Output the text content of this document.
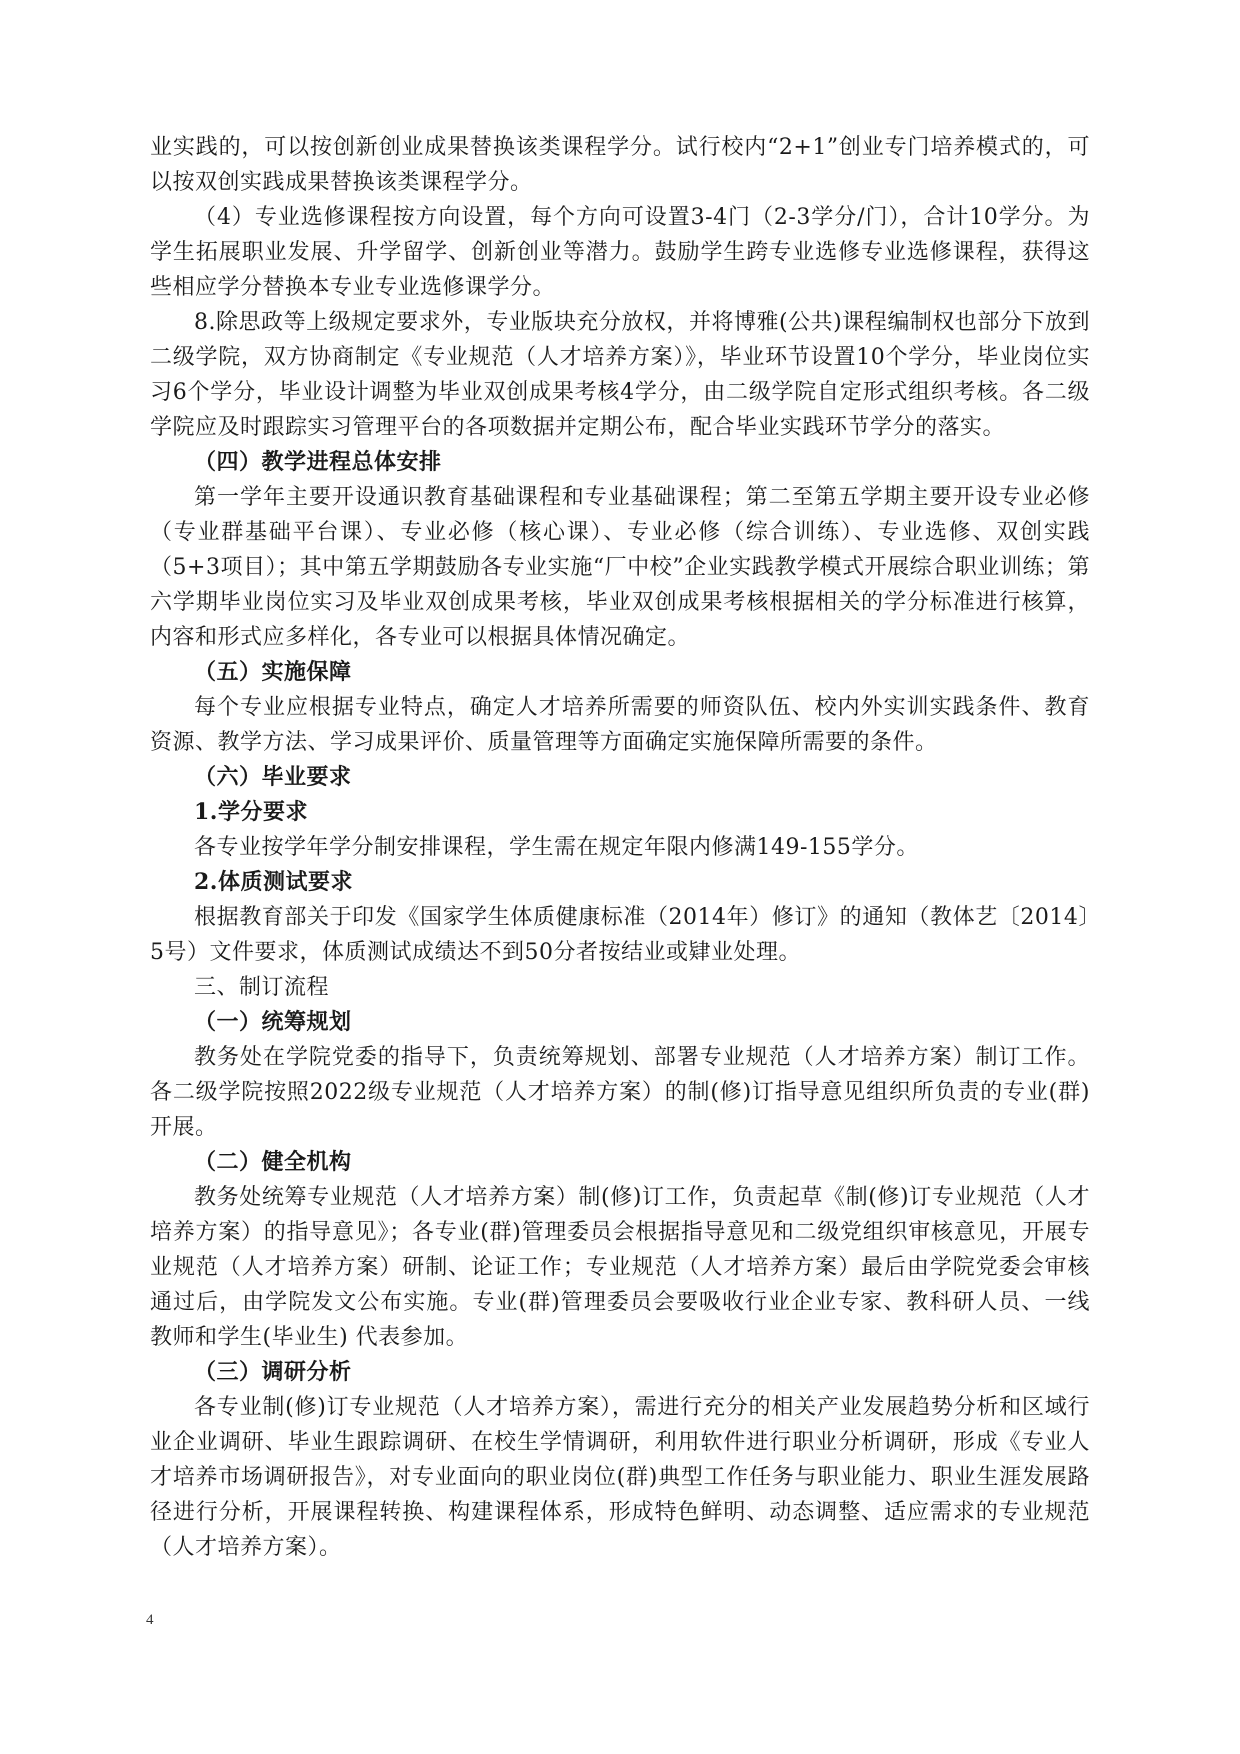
业实践的，可以按创新创业成果替换该类课程学分。试行校内“2+1”创业专门培养模式的，可以按双创实践成果替换该类课程学分。

（4）专业选修课程按方向设置，每个方向可设置3-4门（2-3学分/门），合计10学分。为学生拓展职业发展、升学留学、创新创业等潜力。鼓励学生跨专业选修专业选修课程，获得这些相应学分替换本专业专业选修课学分。

8.除思政等上级规定要求外，专业版块充分放权，并将博雅(公共)课程编制权也部分下放到二级学院，双方协商制定《专业规范（人才培养方案）》，毕业环节设置10个学分，毕业岗位实习6个学分，毕业设计调整为毕业双创成果考核4学分，由二级学院自定形式组织考核。各二级学院应及时跟踪实习管理平台的各项数据并定期公布，配合毕业实践环节学分的落实。

（四）教学进程总体安排

第一学年主要开设通识教育基础课程和专业基础课程；第二至第五学期主要开设专业必修（专业群基础平台课）、专业必修（核心课）、专业必修（综合训练）、专业选修、双创实践（5+3项目）；其中第五学期鼓励各专业实施“厂中校”企业实践教学模式开展综合职业训练；第六学期毕业岗位实习及毕业双创成果考核，毕业双创成果考核根据相关的学分标准进行核算，内容和形式应多样化，各专业可以根据具体情况确定。

（五）实施保障

每个专业应根据专业特点，确定人才培养所需要的师资队伍、校内外实训实践条件、教育资源、教学方法、学习成果评价、质量管理等方面确定实施保障所需要的条件。

（六）毕业要求

1.学分要求

各专业按学年学分制安排课程，学生需在规定年限内修满149-155学分。

2.体质测试要求

根据教育部关于印发《国家学生体质健康标准（2014年）修订》的通知（教体艺〔2014〕5号）文件要求，体质测试成绩达不到50分者按结业或肄业处理。

三、制订流程

（一）统筹规划

教务处在学院党委的指导下，负责统筹规划、部署专业规范（人才培养方案）制订工作。各二级学院按照2022级专业规范（人才培养方案）的制(修)订指导意见组织所负责的专业(群) 开展。

（二）健全机构

教务处统筹专业规范（人才培养方案）制(修)订工作，负责起草《制(修)订专业规范（人才培养方案）的指导意见》；各专业(群)管理委员会根据指导意见和二级党组织审核意见，开展专业规范（人才培养方案）研制、论证工作；专业规范（人才培养方案）最后由学院党委会审核通过后，由学院发文公布实施。专业(群)管理委员会要吸收行业企业专家、教科研人员、一线教师和学生(毕业生) 代表参加。

（三）调研分析

各专业制(修)订专业规范（人才培养方案），需进行充分的相关产业发展趋势分析和区域行业企业调研、毕业生跟踪调研、在校生学情调研，利用软件进行职业分析调研，形成《专业人才培养市场调研报告》，对专业面向的职业岗位(群)典型工作任务与职业能力、职业生涯发展路径进行分析，开展课程转换、构建课程体系，形成特色鲜明、动态调整、适应需求的专业规范（人才培养方案）。

4
